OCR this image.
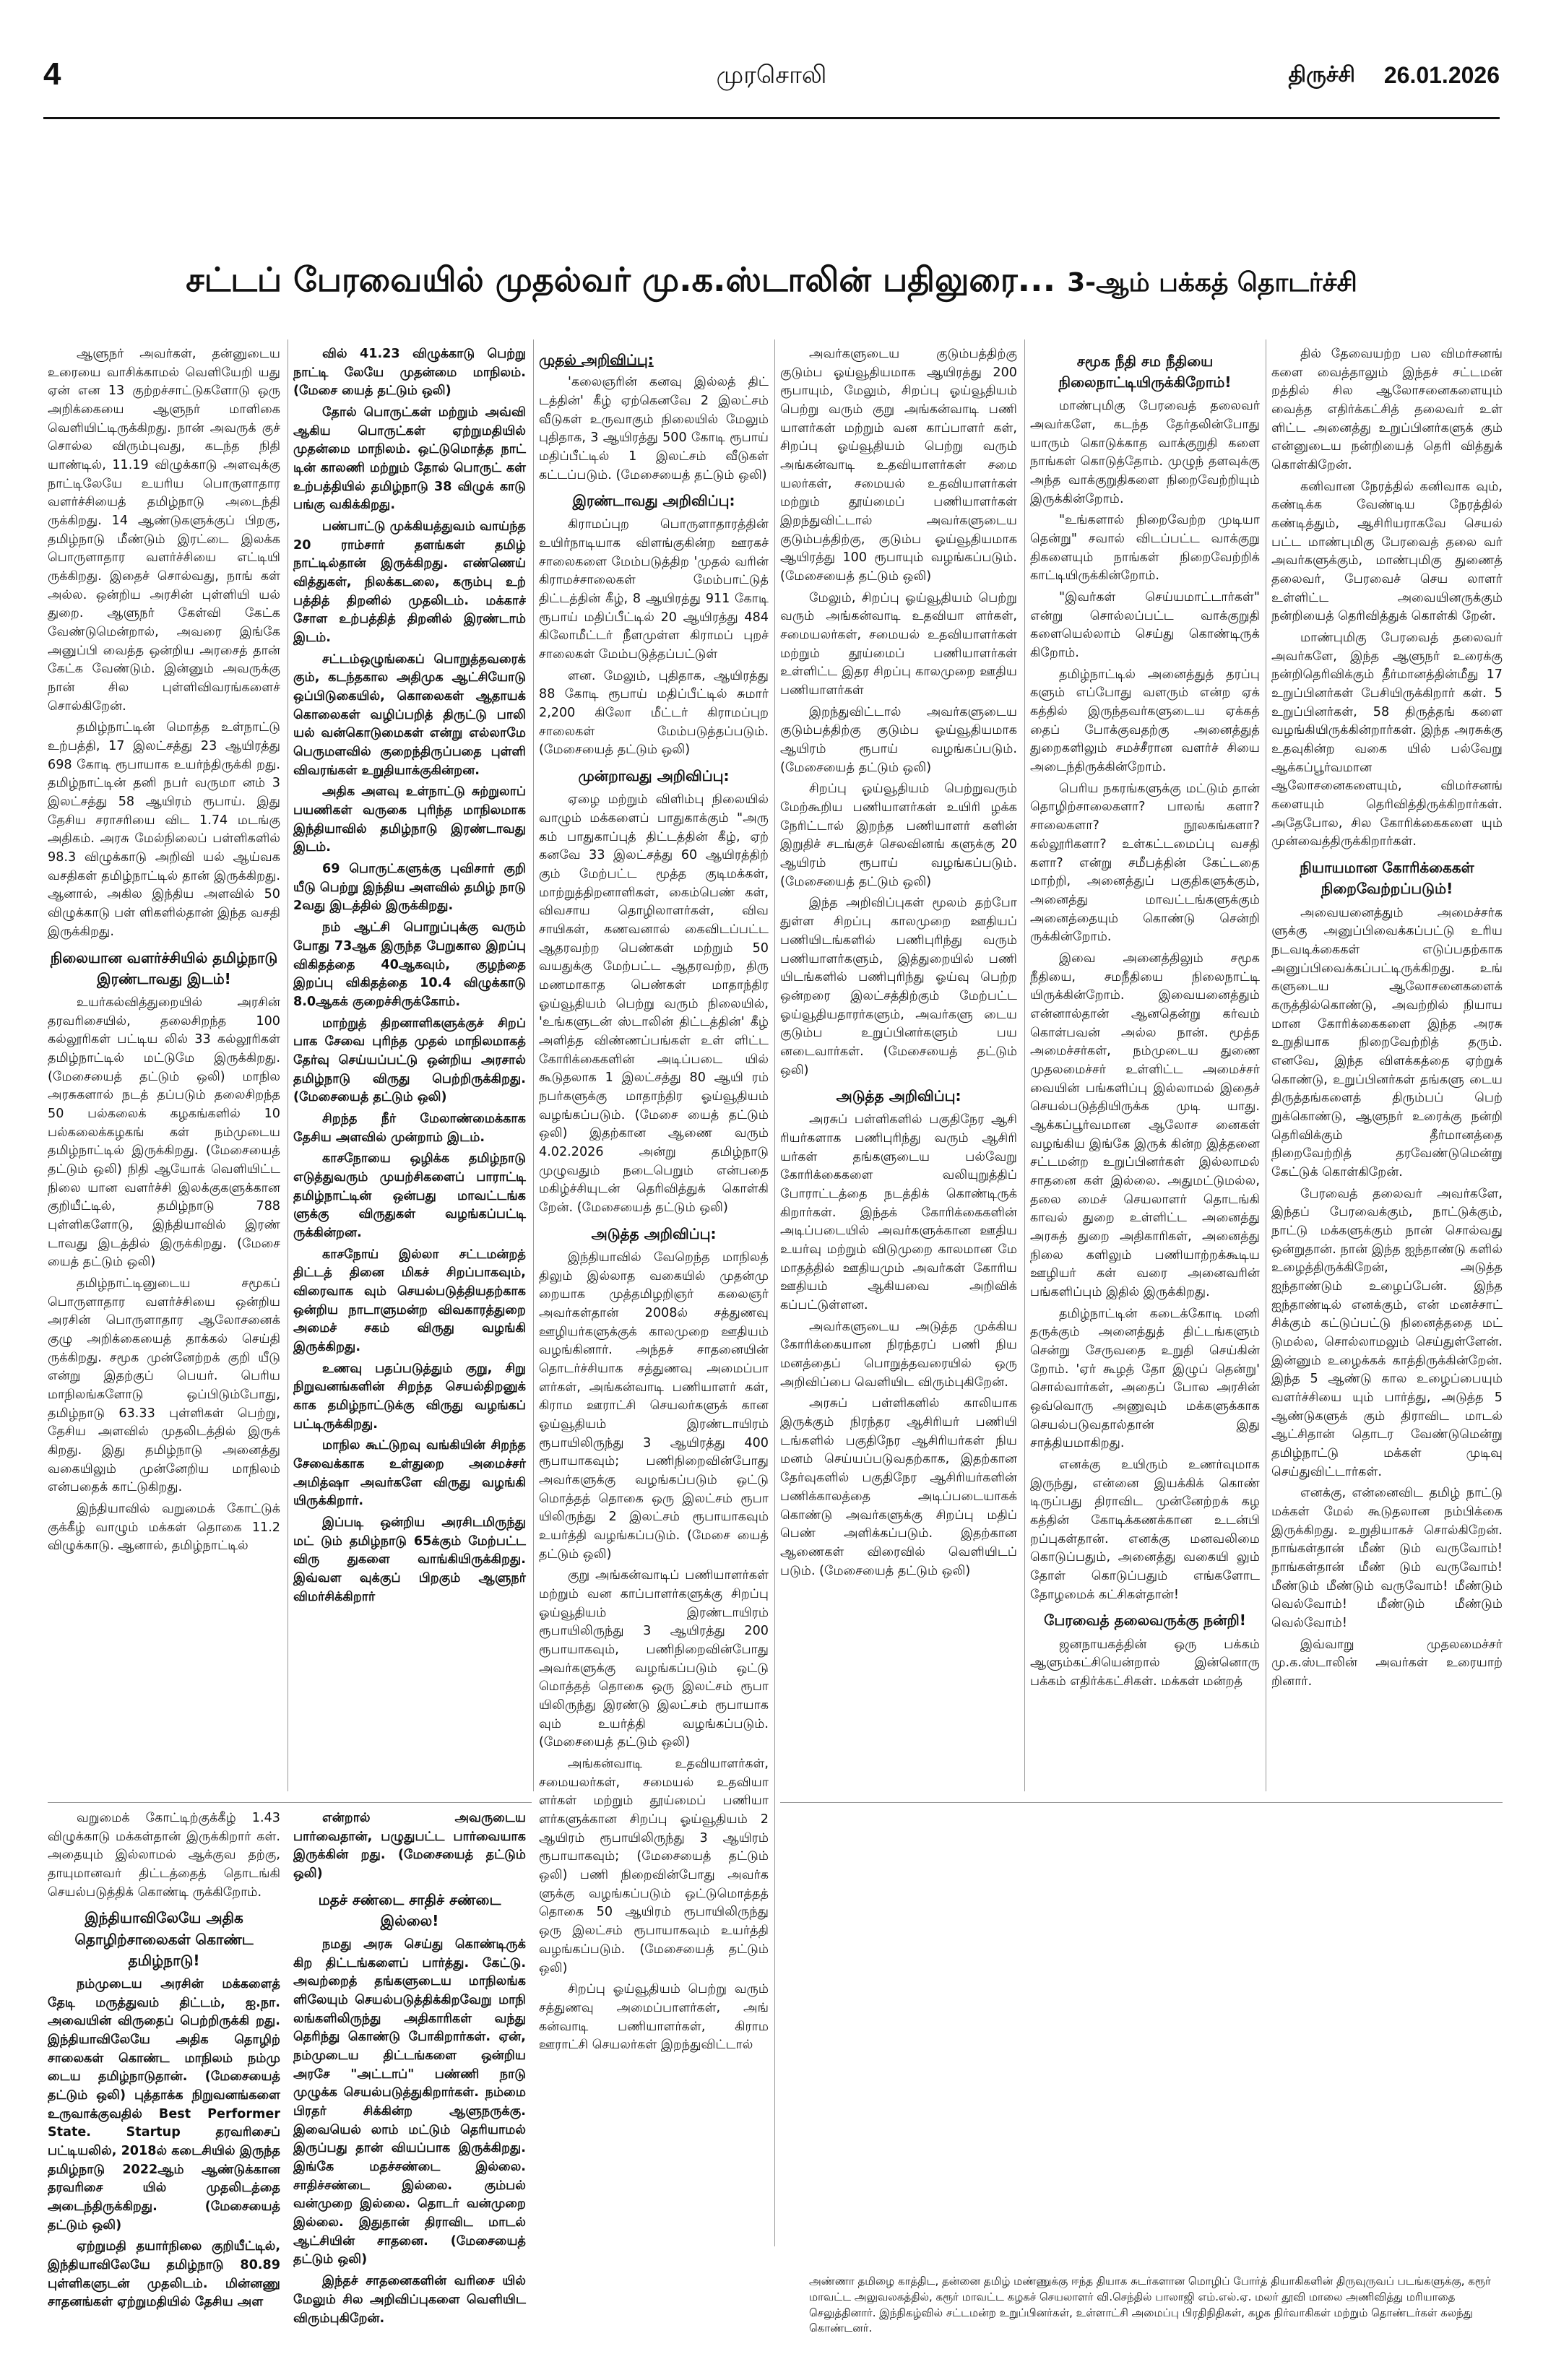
4	முரசொலி	திருச்சி 26.01.2026
சட்டப் பேரவையில் முதல்வர் மு.க.ஸ்டாலின் பதிலுரை... 3-ஆம் பக்கத் தொடர்ச்சி

ஆளுநர் அவர்கள், தன்னுடைய உரையை வாசிக்காமல் வெளியேறி யது ஏன் என 13 குற்றச்சாட்டுகளோடு ஒரு அறிக்கையை ஆளுநர் மாளிகை வெளியிட்டிருக்கிறது. நான் அவருக் குச் சொல்ல விரும்புவது, கடந்த நிதி யாண்டில், 11.19 விழுக்காடு அளவுக்கு நாட்டிலேயே உயரிய பொருளாதார வளர்ச்சியைத் தமிழ்நாடு அடைந்தி ருக்கிறது. 14 ஆண்டுகளுக்குப் பிறகு, தமிழ்நாடு மீண்டும் இரட்டை இலக்க பொருளாதார வளர்ச்சியை எட்டியி ருக்கிறது. இதைச் சொல்வது, நாங் கள் அல்ல. ஒன்றிய அரசின் புள்ளியி யல் துறை. ஆளுநர் கேள்வி கேட்க வேண்டுமென்றால், அவரை இங்கே அனுப்பி வைத்த ஒன்றிய அரசைத் தான் கேட்க வேண்டும். இன்னும் அவருக்கு நான் சில புள்ளிவிவரங்களைச் சொல்கிறேன்.

தமிழ்நாட்டின் மொத்த உள்நாட்டு உற்பத்தி, 17 இலட்சத்து 23 ஆயிரத்து 698 கோடி ரூபாயாக உயர்ந்திருக்கி றது. தமிழ்நாட்டின் தனி நபர் வருமா னம் 3 இலட்சத்து 58 ஆயிரம் ரூபாய். இது தேசிய சராசரியை விட 1.74 மடங்கு அதிகம். அரசு மேல்நிலைப் பள்ளிகளில் 98.3 விழுக்காடு அறிவி யல் ஆய்வக வசதிகள் தமிழ்நாட்டில் தான் இருக்கிறது. ஆனால், அகில இந்திய அளவில் 50 விழுக்காடு பள் ளிகளில்தான் இந்த வசதி இருக்கிறது.

நிலையான வளர்ச்சியில் தமிழ்நாடு இரண்டாவது இடம்!

உயர்கல்வித்துறையில் அரசின் தரவரிசையில், தலைசிறந்த 100 கல்லூரிகள் பட்டிய லில் 33 கல்லூரிகள் தமிழ்நாட்டில் மட்டுமே இருக்கிறது. (மேசையைத் தட்டும் ஒலி) மாநில அரசுகளால் நடத் தப்படும் தலைசிறந்த 50 பல்கலைக் கழகங்களில் 10 பல்கலைக்கழகங் கள் நம்முடைய தமிழ்நாட்டில் இருக்கிறது. (மேசையைத் தட்டும் ஒலி) நிதி ஆயோக் வெளியிட்ட நிலை யான வளர்ச்சி இலக்குகளுக்கான குறியீட்டில், தமிழ்நாடு 788 புள்ளிகளோடு, இந்தியாவில் இரண் டாவது இடத்தில் இருக்கிறது. (மேசை யைத் தட்டும் ஒலி)

தமிழ்நாட்டினுடைய சமூகப் பொருளாதார வளர்ச்சியை ஒன்றிய அரசின் பொருளாதார ஆலோசனைக் குழு அறிக்கையைத் தாக்கல் செய்தி ருக்கிறது. சமூக முன்னேற்றக் குறி யீடு என்று இதற்குப் பெயர். பெரிய மாநிலங்களோடு ஒப்பிடும்போது, தமிழ்நாடு 63.33 புள்ளிகள் பெற்று, தேசிய அளவில் முதலிடத்தில் இருக் கிறது. இது தமிழ்நாடு அனைத்து வகையிலும் முன்னேறிய மாநிலம் என்பதைக் காட்டுகிறது.

இந்தியாவில் வறுமைக் கோட்டுக் குக்கீழ் வாழும் மக்கள் தொகை 11.2 விழுக்காடு. ஆனால், தமிழ்நாட்டில்

வில் 41.23 விழுக்காடு பெற்று நாட்டி லேயே முதன்மை மாநிலம். (மேசை யைத் தட்டும் ஒலி)

தோல் பொருட்கள் மற்றும் அவ்வி ஆகிய பொருட்கள் ஏற்றுமதியில் முதன்மை மாநிலம். ஒட்டுமொத்த நாட் டின் காலணி மற்றும் தோல் பொருட் கள் உற்பத்தியில் தமிழ்நாடு 38 விழுக் காடு பங்கு வகிக்கிறது.

பண்பாட்டு முக்கியத்துவம் வாய்ந்த 20 ராம்சார் தளங்கள் தமிழ் நாட்டில்தான் இருக்கிறது. எண்ணெய் வித்துகள், நிலக்கடலை, கரும்பு உற் பத்தித் திறனில் முதலிடம். மக்காச் சோள உற்பத்தித் திறனில் இரண்டாம் இடம்.

சட்டம்ஒழுங்கைப் பொறுத்தவரைக் கும், கடந்தகால அதிமுக ஆட்சியோடு ஒப்பிடுகையில், கொலைகள் ஆதாயக் கொலைகள் வழிப்பறித் திருட்டு பாலி யல் வன்கொடுமைகள் என்று எல்லாமே பெருமளவில் குறைந்திருப்பதை புள்ளி விவரங்கள் உறுதியாக்குகின்றன.

அதிக அளவு உள்நாட்டு சுற்றுலாப் பயணிகள் வருகை புரிந்த மாநிலமாக இந்தியாவில் தமிழ்நாடு இரண்டாவது இடம்.

69 பொருட்களுக்கு புவிசார் குறி யீடு பெற்று இந்திய அளவில் தமிழ் நாடு 2வது இடத்தில் இருக்கிறது.

நம் ஆட்சி பொறுப்புக்கு வரும் போது 73ஆக இருந்த பேறுகால இறப்பு விகிதத்தை 40ஆகவும், குழந்தை இறப்பு விகிதத்தை 10.4 விழுக்காடு 8.0ஆகக் குறைச்சிருக்கோம்.

மாற்றுத் திறனாளிகளுக்குச் சிறப் பாக சேவை புரிந்த முதல் மாநிலமாகத் தேர்வு செய்யப்பட்டு ஒன்றிய அரசால் தமிழ்நாடு விருது பெற்றிருக்கிறது. (மேசையைத் தட்டும் ஒலி)

சிறந்த நீர் மேலாண்மைக்காக தேசிய அளவில் முன்றாம் இடம்.

காசநோயை ஒழிக்க தமிழ்நாடு எடுத்துவரும் முயற்சிகளைப் பாராட்டி தமிழ்நாட்டின் ஒன்பது மாவட்டங்க ளுக்கு விருதுகள் வழங்கப்பட்டி ருக்கின்றன.

காசநோய் இல்லா சட்டமன்றத் திட்டத் தினை மிகச் சிறப்பாகவும், விரைவாக வும் செயல்படுத்தியதற்காக ஒன்றிய நாடாளுமன்ற விவகாரத்துறை அமைச் சகம் விருது வழங்கி இருக்கிறது.

உணவு பதப்படுத்தும் குறு, சிறு நிறுவனங்களின் சிறந்த செயல்திறனுக் காக தமிழ்நாட்டுக்கு விருது வழங்கப் பட்டிருக்கிறது.

மாநில கூட்டுறவு வங்கியின் சிறந்த சேவைக்காக உள்துறை அமைச்சர் அமித்ஷா அவர்களே விருது வழங்கி யிருக்கிறார்.

இப்படி ஒன்றிய அரசிடமிருந்து மட் டும் தமிழ்நாடு 65க்கும் மேற்பட்ட விரு துகளை வாங்கியிருக்கிறது. இவ்வள வுக்குப் பிறகும் ஆளுநர் விமர்சிக்கிறார்

முதல் அறிவிப்பு:

'கலைஞரின் கனவு இல்லத் திட் டத்தின்' கீழ் ஏற்கெனவே 2 இலட்சம் வீடுகள் உருவாகும் நிலையில் மேலும் புதிதாக, 3 ஆயிரத்து 500 கோடி ரூபாய் மதிப்பீட்டில் 1 இலட்சம் வீடுகள் கட்டப்படும். (மேசையைத் தட்டும் ஒலி)

இரண்டாவது அறிவிப்பு:

கிராமப்புற பொருளாதாரத்தின் உயிர்நாடியாக விளங்குகின்ற ஊரகச் சாலைகளை மேம்படுத்திற 'முதல் வரின் கிராமச்சாலைகள் மேம்பாட்டுத் திட்டத்தின் கீழ், 8 ஆயிரத்து 911 கோடி ரூபாய் மதிப்பீட்டில் 20 ஆயிரத்து 484 கிலோமீட்டர் நீளமுள்ள கிராமப் புறச் சாலைகள் மேம்படுத்தப்பட்டுள்

ளன. மேலும், புதிதாக, ஆயிரத்து 88 கோடி ரூபாய் மதிப்பீட்டில் சுமார் 2,200 கிலோ மீட்டர் கிராமப்புற சாலைகள் மேம்படுத்தப்படும். (மேசையைத் தட்டும் ஒலி)

முன்றாவது அறிவிப்பு:

ஏழை மற்றும் விளிம்பு நிலையில் வாழும் மக்களைப் பாதுகாக்கும் "அரு கம் பாதுகாப்புத் திட்டத்தின் கீழ், ஏற் கனவே 33 இலட்சத்து 60 ஆயிரத்திற் கும் மேற்பட்ட மூத்த குடிமக்கள், மாற்றுத்திறனாளிகள், கைம்பெண் கள், விவசாய தொழிலாளர்கள், விவ சாயிகள், கணவனால் கைவிடப்பட்ட ஆதரவற்ற பெண்கள் மற்றும் 50 வயதுக்கு மேற்பட்ட ஆதரவற்ற, திரு மணமாகாத பெண்கள் மாதாந்திர ஓய்வூதியம் பெற்று வரும் நிலையில், 'உங்களுடன் ஸ்டாலின் திட்டத்தின்' கீழ் அளித்த விண்ணப்பங்கள் உள் ளிட்ட கோரிக்கைகளின் அடிப்படை யில் கூடுதலாக 1 இலட்சத்து 80 ஆயி ரம் நபர்களுக்கு மாதாந்திர ஓய்வூதியம் வழங்கப்படும். (மேசை யைத் தட்டும் ஒலி) இதற்கான ஆணை வரும் 4.02.2026 அன்று தமிழ்நாடு முழுவதும் நடைபெறும் என்பதை மகிழ்ச்சியுடன் தெரிவித்துக் கொள்கி றேன். (மேசையைத் தட்டும் ஒலி)

அடுத்த அறிவிப்பு:

இந்தியாவில் வேறெந்த மாநிலத் திலும் இல்லாத வகையில் முதன்மு றையாக முத்தமிழறிஞர் கலைஞர் அவர்கள்தான் 2008ல் சத்துணவு ஊழியர்களுக்குக் காலமுறை ஊதியம் வழங்கினார். அந்தச் சாதனையின் தொடர்ச்சியாக சத்துணவு அமைப்பா ளர்கள், அங்கன்வாடி பணியாளர் கள், கிராம ஊராட்சி செயலர்களுக் கான ஓய்வூதியம் இரண்டாயிரம் ரூபாயிலிருந்து 3 ஆயிரத்து 400 ரூபாயாகவும்; பணிநிறைவின்போது அவர்களுக்கு வழங்கப்படும் ஒட்டு மொத்தத் தொகை ஒரு இலட்சம் ரூபா யிலிருந்து 2 இலட்சம் ரூபாயாகவும் உயர்த்தி வழங்கப்படும். (மேசை யைத் தட்டும் ஒலி)

குறு அங்கன்வாடிப் பணியாளர்கள் மற்றும் வன காப்பாளர்களுக்கு சிறப்பு ஓய்வூதியம் இரண்டாயிரம் ரூபாயிலிருந்து 3 ஆயிரத்து 200 ரூபாயாகவும், பணிநிறைவின்போது அவர்களுக்கு வழங்கப்படும் ஒட்டு மொத்தத் தொகை ஒரு இலட்சம் ரூபா யிலிருந்து இரண்டு இலட்சம் ரூபாயாக வும் உயர்த்தி வழங்கப்படும். (மேசையைத் தட்டும் ஒலி)

அங்கன்வாடி உதவியாளர்கள், சமையலர்கள், சமையல் உதவியா ளர்கள் மற்றும் தூய்மைப் பணியா ளர்களுக்கான சிறப்பு ஓய்வூதியம் 2 ஆயிரம் ரூபாயிலிருந்து 3 ஆயிரம் ரூபாயாகவும்; (மேசையைத் தட்டும் ஒலி) பணி நிறைவின்போது அவர்க ளுக்கு வழங்கப்படும் ஒட்டுமொத்தத் தொகை 50 ஆயிரம் ரூபாயிலிருந்து ஒரு இலட்சம் ரூபாயாகவும் உயர்த்தி வழங்கப்படும். (மேசையைத் தட்டும் ஒலி)

சிறப்பு ஓய்வூதியம் பெற்று வரும் சத்துணவு அமைப்பாளர்கள், அங் கன்வாடி பணியாளர்கள், கிராம ஊராட்சி செயலர்கள் இறந்துவிட்டால்

அவர்களுடைய குடும்பத்திற்கு குடும்ப ஓய்வூதியமாக ஆயிரத்து 200 ரூபாயும், மேலும், சிறப்பு ஓய்வூதியம் பெற்று வரும் குறு அங்கன்வாடி பணி யாளர்கள் மற்றும் வன காப்பாளர் கள், சிறப்பு ஓய்வூதியம் பெற்று வரும் அங்கன்வாடி உதவியாளர்கள் சமை யலர்கள், சமையல் உதவியாளர்கள் மற்றும் தூய்மைப் பணியாளர்கள் இறந்துவிட்டால் அவர்களுடைய குடும்பத்திற்கு, குடும்ப ஓய்வூதியமாக ஆயிரத்து 100 ரூபாயும் வழங்கப்படும். (மேசையைத் தட்டும் ஒலி)

மேலும், சிறப்பு ஓய்வூதியம் பெற்று வரும் அங்கன்வாடி உதவியா ளர்கள், சமையலர்கள், சமையல் உதவியாளர்கள் மற்றும் தூய்மைப் பணியாளர்கள் உள்ளிட்ட இதர சிறப்பு காலமுறை ஊதிய பணியாளர்கள்

இறந்துவிட்டால் அவர்களுடைய குடும்பத்திற்கு குடும்ப ஓய்வூதியமாக ஆயிரம் ரூபாய் வழங்கப்படும். (மேசையைத் தட்டும் ஒலி)

சிறப்பு ஓய்வூதியம் பெற்றுவரும் மேற்கூறிய பணியாளர்கள் உயிரி ழக்க நேரிட்டால் இறந்த பணியாளர் களின் இறுதிச் சடங்குச் செலவினங் களுக்கு 20 ஆயிரம் ரூபாய் வழங்கப்படும். (மேசையைத் தட்டும் ஒலி)

இந்த அறிவிப்புகள் மூலம் தற்போ துள்ள சிறப்பு காலமுறை ஊதியப் பணியிடங்களில் பணிபுரிந்து வரும் பணியாளர்களும், இத்துறையில் பணி யிடங்களில் பணிபுரிந்து ஓய்வு பெற்ற ஒன்றரை இலட்சத்திற்கும் மேற்பட்ட ஓய்வூதியதாரர்களும், அவர்களு டைய குடும்ப உறுப்பினர்களும் பய னடைவார்கள். (மேசையைத் தட்டும் ஒலி)

அடுத்த அறிவிப்பு:

அரசுப் பள்ளிகளில் பகுதிநேர ஆசி ரியர்களாக பணிபுரிந்து வரும் ஆசிரி யர்கள் தங்களுடைய பல்வேறு கோரிக்கைகளை வலியுறுத்திப் போராட்டத்தை நடத்திக் கொண்டிருக் கிறார்கள். இந்தக் கோரிக்கைகளின் அடிப்படையில் அவர்களுக்கான ஊதிய உயர்வு மற்றும் விடுமுறை காலமான மே மாதத்தில் ஊதியமும் அவர்கள் கோரிய ஊதியம் ஆகியவை அறிவிக் கப்பட்டுள்ளன.

அவர்களுடைய அடுத்த முக்கிய கோரிக்கையான நிரந்தரப் பணி நிய மனத்தைப் பொறுத்தவரையில் ஒரு அறிவிப்பை வெளியிட விரும்புகிறேன்.

அரசுப் பள்ளிகளில் காலியாக இருக்கும் நிரந்தர ஆசிரியர் பணியி டங்களில் பகுதிநேர ஆசிரியர்கள் நிய மனம் செய்யப்படுவதற்காக, இதற்கான தேர்வுகளில் பகுதிநேர ஆசிரியர்களின் பணிக்காலத்தை அடிப்படையாகக் கொண்டு அவர்களுக்கு சிறப்பு மதிப் பெண் அளிக்கப்படும். இதற்கான ஆணைகள் விரைவில் வெளியிடப் படும். (மேசையைத் தட்டும் ஒலி)

சமூக நீதி சம நீதியை நிலைநாட்டியிருக்கிறோம்!

மாண்புமிகு பேரவைத் தலைவர் அவர்களே, கடந்த தேர்தலின்போது யாரும் கொடுக்காத வாக்குறுதி களை நாங்கள் கொடுத்தோம். முழுந் தளவுக்கு அந்த வாக்குறுதிகளை நிறைவேற்றியும் இருக்கின்றோம்.

"உங்களால் நிறைவேற்ற முடியா தென்று" சவால் விடப்பட்ட வாக்குறு திகளையும் நாங்கள் நிறைவேற்றிக் காட்டியிருக்கின்றோம்.

"இவர்கள் செய்யமாட்டார்கள்" என்று சொல்லப்பட்ட வாக்குறுதி களையெல்லாம் செய்து கொண்டிருக் கிறோம்.

தமிழ்நாட்டில் அனைத்துத் தரப்பு களும் எப்போது வளரும் என்ற ஏக் கத்தில் இருந்தவர்களுடைய ஏக்கத் தைப் போக்குவதற்கு அனைத்துத் துறைகளிலும் சமச்சீரான வளர்ச் சியை அடைந்திருக்கின்றோம்.

பெரிய நகரங்களுக்கு மட்டும் தான் தொழிற்சாலைகளா? பாலங் களா? சாலைகளா? நூலகங்களா? கல்லூரிகளா? உள்கட்டமைப்பு வசதி களா? என்று சமீபத்தின் கேட்டதை மாற்றி, அனைத்துப் பகுதிகளுக்கும், அனைத்து மாவட்டங்களுக்கும் அனைத்தையும் கொண்டு சென்றி ருக்கின்றோம்.

இவை அனைத்திலும் சமூக நீதியை, சமநீதியை நிலைநாட்டி யிருக்கின்றோம். இவையனைத்தும் என்னால்தான் ஆனதென்று கர்வம் கொள்பவன் அல்ல நான். மூத்த அமைச்சர்கள், நம்முடைய துணை முதலமைச்சர் உள்ளிட்ட அமைச்சர் வையின் பங்களிப்பு இல்லாமல் இதைச் செயல்படுத்தியிருக்க முடி யாது. ஆக்கப்பூர்வமான ஆலோச னைகள் வழங்கிய இங்கே இருக் கின்ற இத்தனை சட்டமன்ற உறுப்பினர்கள் இல்லாமல் சாதனை கள் இல்லை. அதுமட்டுமல்ல, தலை மைச் செயலாளர் தொடங்கி காவல் துறை உள்ளிட்ட அனைத்து அரசுத் துறை அதிகாரிகள், அனைத்து நிலை களிலும் பணியாற்றக்கூடிய ஊழியர் கள் வரை அனைவரின் பங்களிப்பும் இதில் இருக்கிறது.

தமிழ்நாட்டின் கடைக்கோடி மனி தருக்கும் அனைத்துத் திட்டங்களும் சென்று சேருவதை உறுதி செய்கின் றோம். 'ஏர் கூழத் தோ இழுப் தென்று' சொல்வார்கள், அதைப் போல அரசின் ஒவ்வொரு அணுவும் மக்களுக்காக செயல்படுவதால்தான் இது சாத்தியமாகிறது.

எனக்கு உயிரும் உணர்வுமாக இருந்து, என்னை இயக்கிக் கொண் டிருப்பது திராவிட முன்னேற்றக் கழ கத்தின் கோடிக்கணக்கான உடன்பி றப்புகள்தான். எனக்கு மனவலிமை கொடுப்பதும், அனைத்து வகையி லும் தோள் கொடுப்பதும் எங்களோட தோழமைக் கட்சிகள்தான்!

பேரவைத் தலைவருக்கு நன்றி!

ஜனநாயகத்தின் ஒரு பக்கம் ஆளும்கட்சியென்றால் இன்னொரு பக்கம் எதிர்க்கட்சிகள். மக்கள் மன்றத்

தில் தேவையற்ற பல விமர்சனங் களை வைத்தாலும் இந்தச் சட்டமன் றத்தில் சில ஆலோசனைகளையும் வைத்த எதிர்க்கட்சித் தலைவர் உள் ளிட்ட அனைத்து உறுப்பினர்களுக் கும் என்னுடைய நன்றியைத் தெரி வித்துக் கொள்கிறேன்.

கனிவான நேரத்தில் கனிவாக வும், கண்டிக்க வேண்டிய நேரத்தில் கண்டித்தும், ஆசிரியராகவே செயல் பட்ட மாண்புமிகு பேரவைத் தலை வர் அவர்களுக்கும், மாண்புமிகு துணைத் தலைவர், பேரவைச் செய லாளர் உள்ளிட்ட அவையினருக்கும் நன்றியைத் தெரிவித்துக் கொள்கி றேன்.

மாண்புமிகு பேரவைத் தலைவர் அவர்களே, இந்த ஆளுநர் உரைக்கு நன்றிதெரிவிக்கும் தீர்மானத்தின்மீது 17 உறுப்பினர்கள் பேசியிருக்கிறார் கள். 5 உறுப்பினர்கள், 58 திருத்தங் களை வழங்கியிருக்கின்றார்கள். இந்த அரசுக்கு உதவுகின்ற வகை யில் பல்வேறு ஆக்கப்பூர்வமான ஆலோசனைகளையும், விமர்சனங் களையும் தெரிவித்திருக்கிறார்கள். அதேபோல, சில கோரிக்கைகளை யும் முன்வைத்திருக்கிறார்கள்.

நியாயமான கோரிக்கைகள் நிறைவேற்றப்படும்!

அவையனைத்தும் அமைச்சர்க ளுக்கு அனுப்பிவைக்கப்பட்டு உரிய நடவடிக்கைகள் எடுப்பதற்காக அனுப்பிவைக்கப்பட்டிருக்கிறது. உங் களுடைய ஆலோசனைகளைக் கருத்தில்கொண்டு, அவற்றில் நியாய மான கோரிக்கைகளை இந்த அரசு உறுதியாக நிறைவேற்றித் தரும். எனவே, இந்த விளக்கத்தை ஏற்றுக் கொண்டு, உறுப்பினர்கள் தங்களு டைய திருத்தங்களைத் திரும்பப் பெற் றுக்கொண்டு, ஆளுநர் உரைக்கு நன்றி தெரிவிக்கும் தீர்மானத்தை நிறைவேற்றித் தரவேண்டுமென்று கேட்டுக் கொள்கிறேன்.

பேரவைத் தலைவர் அவர்களே, இந்தப் பேரவைக்கும், நாட்டுக்கும், நாட்டு மக்களுக்கும் நான் சொல்வது ஒன்றுதான். நான் இந்த ஐந்தாண்டு களில் உழைத்திருக்கிறேன், அடுத்த ஐந்தாண்டும் உழைப்பேன். இந்த ஐந்தாண்டில் எனக்கும், என் மனச்சாட் சிக்கும் கட்டுப்பட்டு நினைத்ததை மட் டுமல்ல, சொல்லாமலும் செய்துள்ளேன். இன்னும் உழைக்கக் காத்திருக்கின்றேன். இந்த 5 ஆண்டு கால உழைப்பையும் வளர்ச்சியை யும் பார்த்து, அடுத்த 5 ஆண்டுகளுக் கும் திராவிட மாடல் ஆட்சிதான் தொடர வேண்டுமென்று தமிழ்நாட்டு மக்கள் முடிவு செய்துவிட்டார்கள்.

எனக்கு, என்னைவிட தமிழ் நாட்டு மக்கள் மேல் கூடுதலான நம்பிக்கை இருக்கிறது. உறுதியாகச் சொல்கிறேன். நாங்கள்தான் மீண் டும் வருவோம்! நாங்கள்தான் மீண் டும் வருவோம்! மீண்டும் மீண்டும் வருவோம்! மீண்டும் வெல்வோம்! மீண்டும் மீண்டும் வெல்வோம்!

இவ்வாறு முதலமைச்சர் மு.க.ஸ்டாலின் அவர்கள் உரையாற் றினார்.

வறுமைக் கோட்டிற்குக்கீழ் 1.43 விழுக்காடு மக்கள்தான் இருக்கிறார் கள். அதையும் இல்லாமல் ஆக்குவ தற்கு, தாயுமானவர் திட்டத்தைத் தொடங்கி செயல்படுத்திக் கொண்டி ருக்கிறோம்.

இந்தியாவிலேயே அதிக தொழிற்சாலைகள் கொண்ட தமிழ்நாடு!

நம்முடைய அரசின் மக்களைத் தேடி மருத்துவம் திட்டம், ஐ.நா. அவையின் விருதைப் பெற்றிருக்கி றது. இந்தியாவிலேயே அதிக தொழிற் சாலைகள் கொண்ட மாநிலம் நம்மு டைய தமிழ்நாடுதான். (மேசையைத் தட்டும் ஒலி) புத்தாக்க நிறுவனங்களை உருவாக்குவதில் Best Performer State. Startup தரவரிசைப் பட்டியலில், 2018ல் கடைசியில் இருந்த தமிழ்நாடு 2022ஆம் ஆண்டுக்கான தரவரிசை யில் முதலிடத்தை அடைந்திருக்கிறது. (மேசையைத் தட்டும் ஒலி)

ஏற்றுமதி தயார்நிலை குறியீட்டில், இந்தியாவிலேயே தமிழ்நாடு 80.89 புள்ளிகளுடன் முதலிடம். மின்னணு சாதனங்கள் ஏற்றுமதியில் தேசிய அள

என்றால் அவருடைய பார்வைதான், பழுதுபட்ட பார்வையாக இருக்கின் றது. (மேசையைத் தட்டும் ஒலி)

மதச் சண்டை சாதிச் சண்டை இல்லை!

நமது அரசு செய்து கொண்டிருக் கிற திட்டங்களைப் பார்த்து. கேட்டு. அவற்றைத் தங்களுடைய மாநிலங்க ளிலேயும் செயல்படுத்திக்கிறவேறு மாநி லங்களிலிருந்து அதிகாரிகள் வந்து தெரிந்து கொண்டு போகிறார்கள். ஏன், நம்முடைய திட்டங்களை ஒன்றிய அரசே "அட்டாப்" பண்ணி நாடு முழுக்க செயல்படுத்துகிறார்கள். நம்மை பிரதர் சிக்கின்ற ஆளுநருக்கு. இவையெல் லாம் மட்டும் தெரியாமல் இருப்பது தான் வியப்பாக இருக்கிறது. இங்கே மதச்சண்டை இல்லை. சாதிச்சண்டை இல்லை. கும்பல் வன்முறை இல்லை. தொடர் வன்முறை இல்லை. இதுதான் திராவிட மாடல் ஆட்சியின் சாதனை. (மேசையைத் தட்டும் ஒலி)

இந்தச் சாதனைகளின் வரிசை யில் மேலும் சில அறிவிப்புகளை வெளியிட விரும்புகிறேன்.

அண்ணா தமிழை காத்திட, தன்னை தமிழ் மண்ணுக்கு ஈந்த தியாக சுடர்களான மொழிப் போர்த் தியாகிகளின் திருவுருவப் படங்களுக்கு, கரூர் மாவட்ட அலுவலகத்தில், கரூர் மாவட்ட கழகச் செயலாளர் வி.செந்தில் பாலாஜி எம்.எல்.ஏ. மலர் தூவி மாலை அணிவித்து மரியாதை செலுத்தினார். இந்நிகழ்வில் சட்டமன்ற உறுப்பினர்கள், உள்ளாட்சி அமைப்பு பிரதிநிதிகள், கழக நிர்வாகிகள் மற்றும் தொண்டர்கள் கலந்து கொண்டனர்.
